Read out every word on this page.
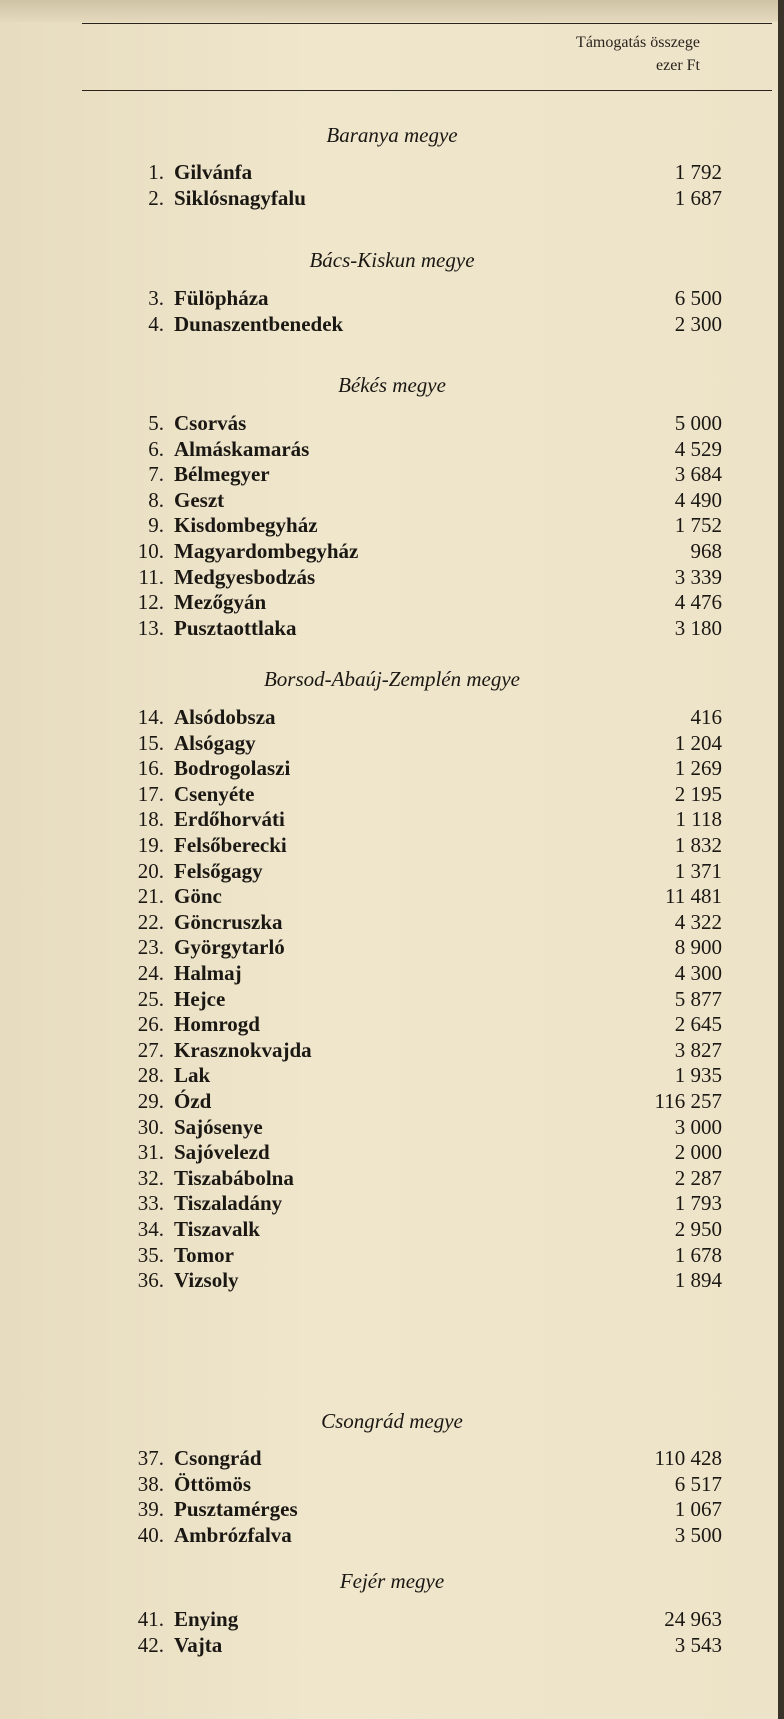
Támogatás összege
ezer Ft
Baranya megye
1. Gilvánfa	1 792
2. Siklósnagyfalu	1 687
Bács-Kiskun megye
3. Fülöpháza	6 500
4. Dunaszentbenedek	2 300
Békés megye
5. Csorvás	5 000
6. Almáskamarás	4 529
7. Bélmegyer	3 684
8. Geszt	4 490
9. Kisdombegyház	1 752
10. Magyardombegyház	968
11. Medgyesbodzás	3 339
12. Mezőgyán	4 476
13. Pusztaottlaka	3 180
Borsod-Abaúj-Zemplén megye
14. Alsódobsza	416
15. Alsógagy	1 204
16. Bodrogolaszi	1 269
17. Csenyéte	2 195
18. Erdőhorváti	1 118
19. Felsőberecki	1 832
20. Felsőgagy	1 371
21. Gönc	11 481
22. Göncruszka	4 322
23. Györgytarló	8 900
24. Halmaj	4 300
25. Hejce	5 877
26. Homrogd	2 645
27. Krasznokvajda	3 827
28. Lak	1 935
29. Ózd	116 257
30. Sajósenye	3 000
31. Sajóvelezd	2 000
32. Tiszabábolna	2 287
33. Tiszaladány	1 793
34. Tiszavalk	2 950
35. Tomor	1 678
36. Vizsoly	1 894
Csongrád megye
37. Csongrád	110 428
38. Öttömös	6 517
39. Pusztamérges	1 067
40. Ambrózfalva	3 500
Fejér megye
41. Enying	24 963
42. Vajta	3 543
